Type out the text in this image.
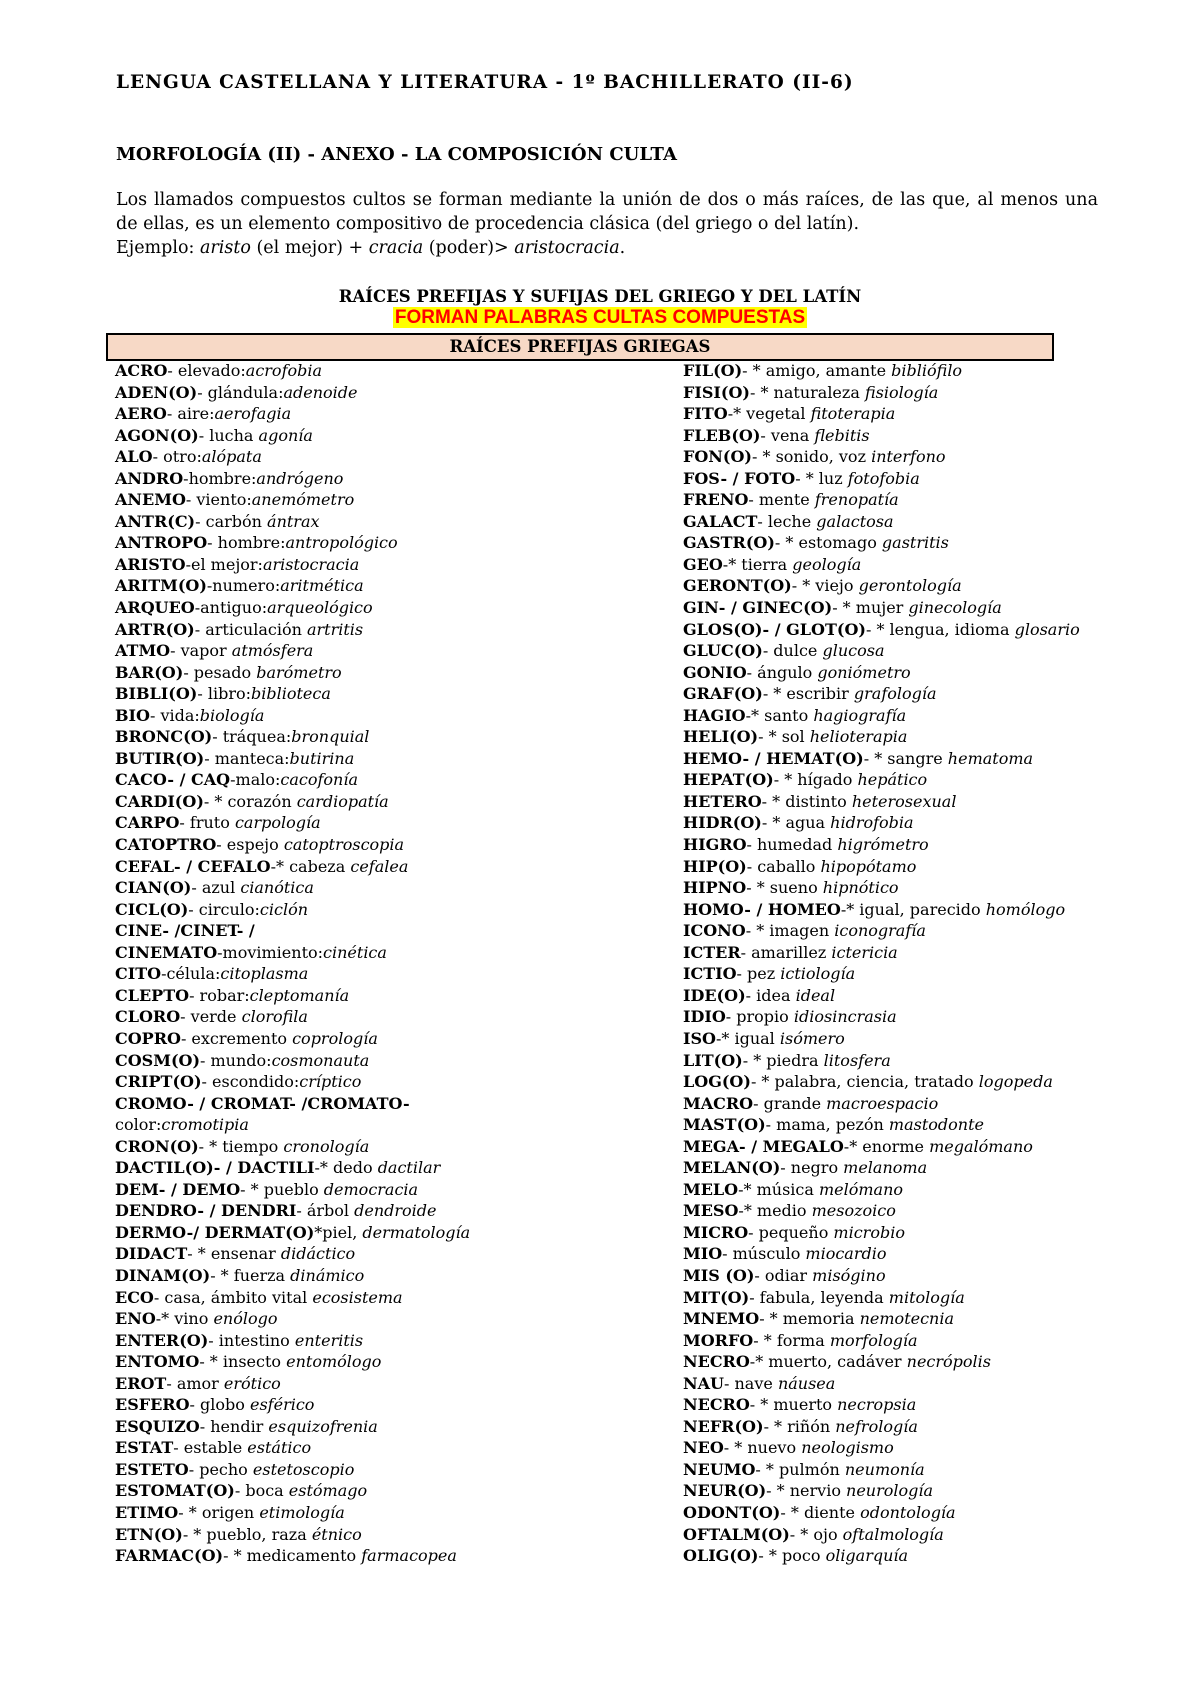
LENGUA CASTELLANA Y LITERATURA - 1º BACHILLERATO (II-6)
MORFOLOGÍA (II) - ANEXO - LA COMPOSICIÓN CULTA

Los llamados compuestos cultos se forman mediante la unión de dos o más raíces, de las que, al menos una de ellas, es un elemento compositivo de procedencia clásica (del griego o del latín).

Ejemplo: aristo (el mejor) + cracia (poder)> aristocracia.
RAÍCES PREFIJAS Y SUFIJAS DEL GRIEGO Y DEL LATÍN
FORMAN PALABRAS CULTAS COMPUESTAS
RAÍCES PREFIJAS GRIEGAS
ACRO- elevado:acrofobia
ADEN(O)- glándula:adenoide
AERO- aire:aerofagia
AGON(O)- lucha agonía
ALO- otro:alópata
ANDRO-hombre:andrógeno
ANEMO- viento:anemómetro
ANTR(C)- carbón ántrax
ANTROPO- hombre:antropológico
ARISTO-el mejor:aristocracia
ARITM(O)-numero:aritmética
ARQUEO-antiguo:arqueológico
ARTR(O)- articulación artritis
ATMO- vapor atmósfera
BAR(O)- pesado barómetro
BIBLI(O)- libro:biblioteca
BIO- vida:biología
BRONC(O)- tráquea:bronquial
BUTIR(O)- manteca:butirina
CACO- / CAQ-malo:cacofonía
CARDI(O)- * corazón cardiopatía
CARPO- fruto carpología
CATOPTRO- espejo catoptroscopia
CEFAL- / CEFALO-* cabeza cefalea
CIAN(O)- azul cianótica
CICL(O)- circulo:ciclón
CINE- /CINET- /
CINEMATO-movimiento:cinética
CITO-célula:citoplasma
CLEPTO- robar:cleptomanía
CLORO- verde clorofila
COPRO- excremento coprología
COSM(O)- mundo:cosmonauta
CRIPT(O)- escondido:críptico
CROMO- / CROMAT- /CROMATO-
color:cromotipia
CRON(O)- * tiempo cronología
DACTIL(O)- / DACTILI-* dedo dactilar
DEM- / DEMO- * pueblo democracia
DENDRO- / DENDRI- árbol dendroide
DERMO-/ DERMAT(O)*piel, dermatología
DIDACT- * ensenar didáctico
DINAM(O)- * fuerza dinámico
ECO- casa, ámbito vital ecosistema
ENO-* vino enólogo
ENTER(O)- intestino enteritis
ENTOMO- * insecto entomólogo
EROT- amor erótico
ESFERO- globo esférico
ESQUIZO- hendir esquizofrenia
ESTAT- estable estático
ESTETO- pecho estetoscopio
ESTOMAT(O)- boca estómago
ETIMO- * origen etimología
ETN(O)- * pueblo, raza étnico
FARMAC(O)- * medicamento farmacopea
FIL(O)- * amigo, amante bibliófilo
FISI(O)- * naturaleza fisiología
FITO-* vegetal fitoterapia
FLEB(O)- vena flebitis
FON(O)- * sonido, voz interfono
FOS- / FOTO- * luz fotofobia
FRENO- mente frenopatía
GALACT- leche galactosa
GASTR(O)- * estomago gastritis
GEO-* tierra geología
GERONT(O)- * viejo gerontología
GIN- / GINEC(O)- * mujer ginecología
GLOS(O)- / GLOT(O)- * lengua, idioma glosario
GLUC(O)- dulce glucosa
GONIO- ángulo goniómetro
GRAF(O)- * escribir grafología
HAGIO-* santo hagiografía
HELI(O)- * sol helioterapia
HEMO- / HEMAT(O)- * sangre hematoma
HEPAT(O)- * hígado hepático
HETERO- * distinto heterosexual
HIDR(O)- * agua hidrofobia
HIGRO- humedad higrómetro
HIP(O)- caballo hipopótamo
HIPNO- * sueno hipnótico
HOMO- / HOMEO-* igual, parecido homólogo
ICONO- * imagen iconografía
ICTER- amarillez ictericia
ICTIO- pez ictiología
IDE(O)- idea ideal
IDIO- propio idiosincrasia
ISO-* igual isómero
LIT(O)- * piedra litosfera
LOG(O)- * palabra, ciencia, tratado logopeda
MACRO- grande macroespacio
MAST(O)- mama, pezón mastodonte
MEGA- / MEGALO-* enorme megalómano
MELAN(O)- negro melanoma
MELO-* música melómano
MESO-* medio mesozoico
MICRO- pequeño microbio
MIO- músculo miocardio
MIS (O)- odiar misógino
MIT(O)- fabula, leyenda mitología
MNEMO- * memoria nemotecnia
MORFO- * forma morfología
NECRO-* muerto, cadáver necrópolis
NAU- nave náusea
NECRO- * muerto necropsia
NEFR(O)- * riñón nefrología
NEO- * nuevo neologismo
NEUMO- * pulmón neumonía
NEUR(O)- * nervio neurología
ODONT(O)- * diente odontología
OFTALM(O)- * ojo oftalmología
OLIG(O)- * poco oligarquía
